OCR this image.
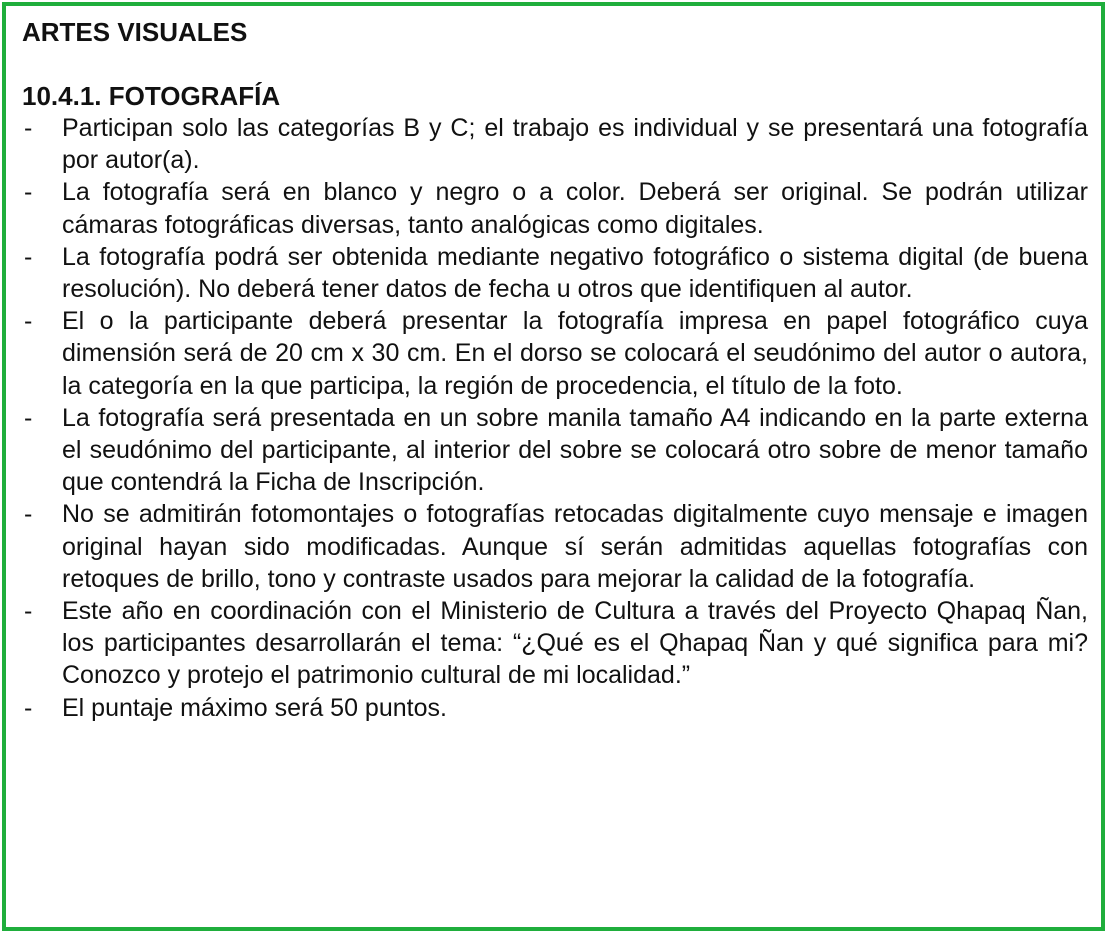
ARTES VISUALES
10.4.1. FOTOGRAFÍA
-	Participan solo las categorías B y C; el trabajo es individual y se presentará una fotografía por autor(a).
-	La fotografía será en blanco y negro o a color. Deberá ser original. Se podrán utilizar cámaras fotográficas diversas, tanto analógicas como digitales.
-	La fotografía podrá ser obtenida mediante negativo fotográfico o sistema digital (de buena resolución). No deberá tener datos de fecha u otros que identifiquen al autor.
-	El o la participante deberá presentar la fotografía impresa en papel fotográfico cuya dimensión será de 20 cm x 30 cm. En el dorso se colocará el seudónimo del autor o autora, la categoría en la que participa, la región de procedencia, el título de la foto.
-	La fotografía será presentada en un sobre manila tamaño A4 indicando en la parte externa el seudónimo del participante, al interior del sobre se colocará otro sobre de menor tamaño que contendrá la Ficha de Inscripción.
-	No se admitirán fotomontajes o fotografías retocadas digitalmente cuyo mensaje e imagen original hayan sido modificadas. Aunque sí serán admitidas aquellas fotografías con retoques de brillo, tono y contraste usados para mejorar la calidad de la fotografía.
-	Este año en coordinación con el Ministerio de Cultura a través del Proyecto Qhapaq Ñan, los participantes desarrollarán el tema: “¿Qué es el Qhapaq Ñan y qué significa para mi? Conozco y protejo el patrimonio cultural de mi localidad.”
-	El puntaje máximo será 50 puntos.
